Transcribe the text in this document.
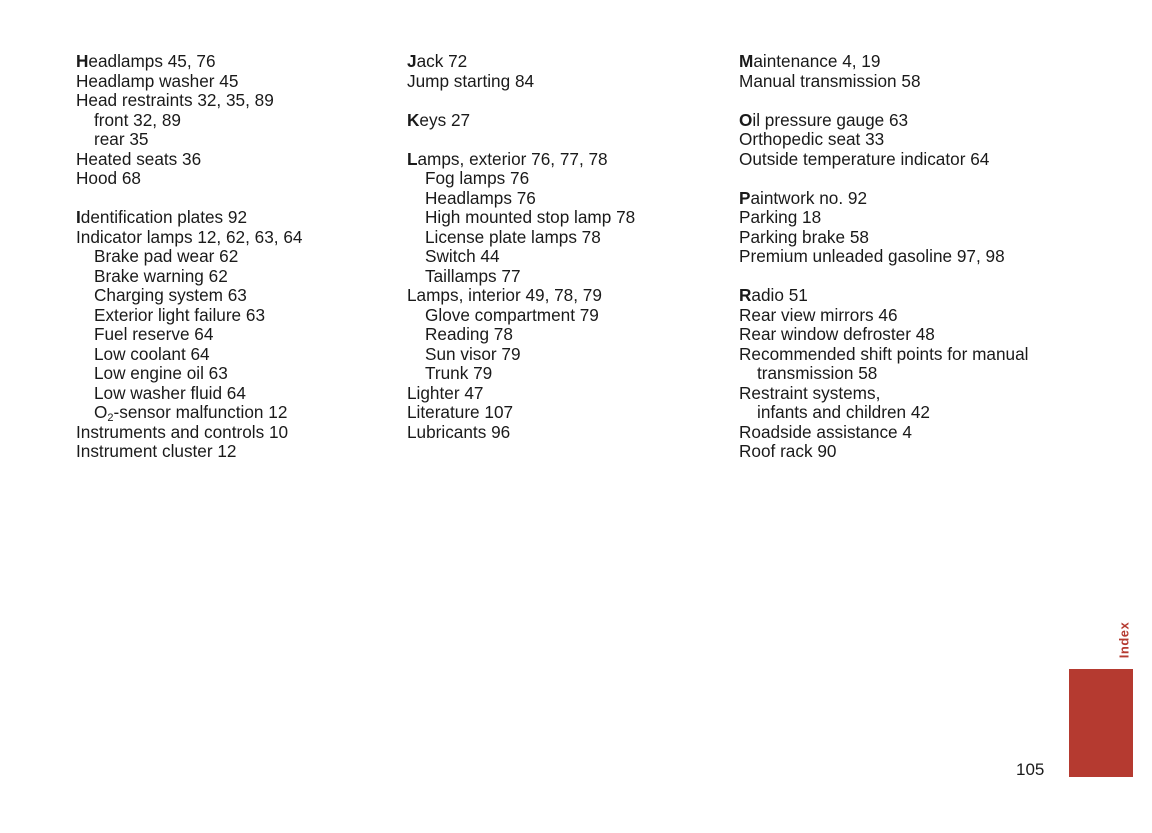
Headlamps 45, 76
Headlamp washer 45
Head restraints 32, 35, 89
front 32, 89
rear 35
Heated seats 36
Hood 68
Identification plates 92
Indicator lamps 12, 62, 63, 64
Brake pad wear 62
Brake warning 62
Charging system 63
Exterior light failure 63
Fuel reserve 64
Low coolant 64
Low engine oil 63
Low washer fluid 64
$O_2$-sensor malfunction 12
Instruments and controls 10
Instrument cluster 12
Jack 72
Jump starting 84
Keys 27
Lamps, exterior 76, 77, 78
Fog lamps 76
Headlamps 76
High mounted stop lamp 78
License plate lamps 78
Switch 44
Taillamps 77
Lamps, interior 49, 78, 79
Glove compartment 79
Reading 78
Sun visor 79
Trunk 79
Lighter 47
Literature 107
Lubricants 96
Maintenance 4, 19
Manual transmission 58
Oil pressure gauge 63
Orthopedic seat 33
Outside temperature indicator 64
Paintwork no. 92
Parking 18
Parking brake 58
Premium unleaded gasoline 97, 98
Radio 51
Rear view mirrors 46
Rear window defroster 48
Recommended shift points for manual
transmission 58
Restraint systems,
infants and children 42
Roadside assistance 4
Roof rack 90
Index
105
